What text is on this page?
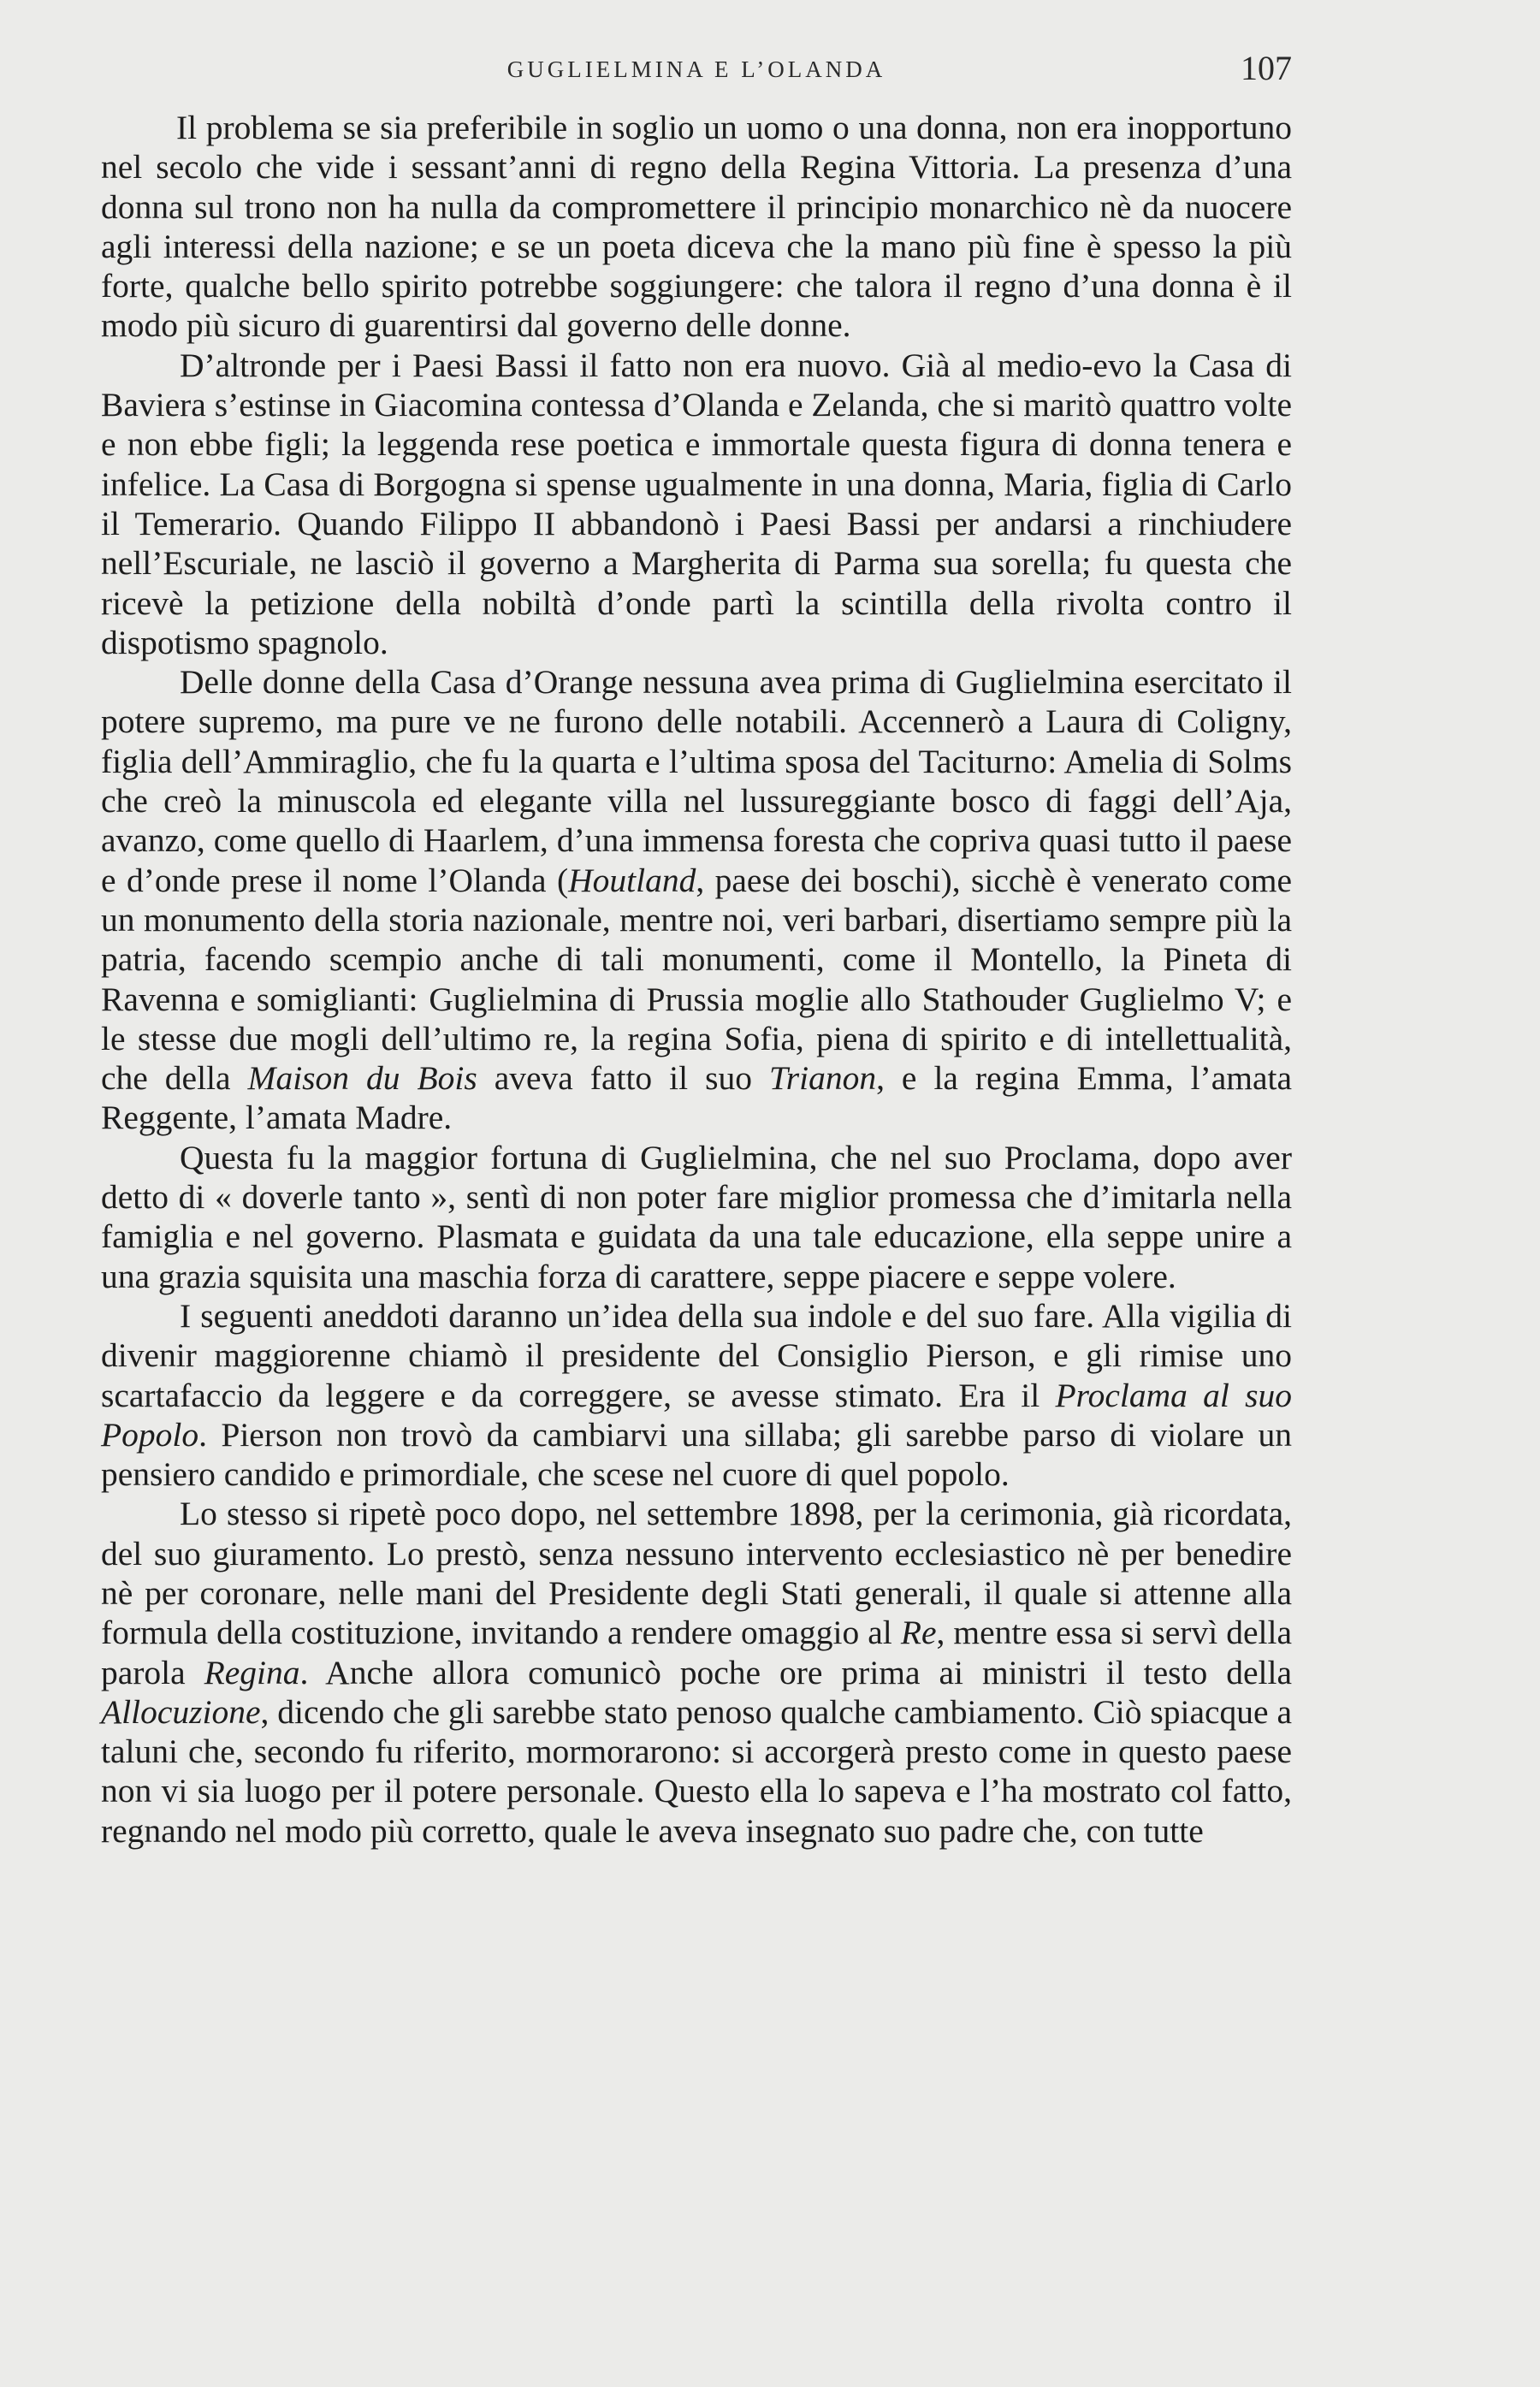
GUGLIELMINA E L’OLANDA	107

Il problema se sia preferibile in soglio un uomo o una donna, non era inopportuno nel secolo che vide i sessant’anni di regno della Regina Vittoria. La presenza d’una donna sul trono non ha nulla da compromettere il principio monarchico nè da nuocere agli interessi della nazione; e se un poeta diceva che la mano più fine è spesso la più forte, qualche bello spirito potrebbe soggiungere: che talora il regno d’una donna è il modo più sicuro di guarentirsi dal governo delle donne.

D’altronde per i Paesi Bassi il fatto non era nuovo. Già al medio-evo la Casa di Baviera s’estinse in Giacomina contessa d’Olanda e Zelanda, che si maritò quattro volte e non ebbe figli; la leggenda rese poetica e immortale questa figura di donna tenera e infelice. La Casa di Borgogna si spense ugualmente in una donna, Maria, figlia di Carlo il Temerario. Quando Filippo II abbandonò i Paesi Bassi per andarsi a rinchiudere nell’Escuriale, ne lasciò il governo a Margherita di Parma sua sorella; fu questa che ricevè la petizione della nobiltà d’onde partì la scintilla della rivolta contro il dispotismo spagnolo.

Delle donne della Casa d’Orange nessuna avea prima di Guglielmina esercitato il potere supremo, ma pure ve ne furono delle notabili. Accennerò a Laura di Coligny, figlia dell’Ammiraglio, che fu la quarta e l’ultima sposa del Taciturno: Amelia di Solms che creò la minuscola ed elegante villa nel lussureggiante bosco di faggi dell’Aja, avanzo, come quello di Haarlem, d’una immensa foresta che copriva quasi tutto il paese e d’onde prese il nome l’Olanda (Houtland, paese dei boschi), sicchè è venerato come un monumento della storia nazionale, mentre noi, veri barbari, disertiamo sempre più la patria, facendo scempio anche di tali monumenti, come il Montello, la Pineta di Ravenna e somiglianti: Guglielmina di Prussia moglie allo Stathouder Guglielmo V; e le stesse due mogli dell’ultimo re, la regina Sofia, piena di spirito e di intellettualità, che della Maison du Bois aveva fatto il suo Trianon, e la regina Emma, l’amata Reggente, l’amata Madre.

Questa fu la maggior fortuna di Guglielmina, che nel suo Proclama, dopo aver detto di « doverle tanto », sentì di non poter fare miglior promessa che d’imitarla nella famiglia e nel governo. Plasmata e guidata da una tale educazione, ella seppe unire a una grazia squisita una maschia forza di carattere, seppe piacere e seppe volere.

I seguenti aneddoti daranno un’idea della sua indole e del suo fare. Alla vigilia di divenir maggiorenne chiamò il presidente del Consiglio Pierson, e gli rimise uno scartafaccio da leggere e da correggere, se avesse stimato. Era il Proclama al suo Popolo. Pierson non trovò da cambiarvi una sillaba; gli sarebbe parso di violare un pensiero candido e primordiale, che scese nel cuore di quel popolo.

Lo stesso si ripetè poco dopo, nel settembre 1898, per la cerimonia, già ricordata, del suo giuramento. Lo prestò, senza nessuno intervento ecclesiastico nè per benedire nè per coronare, nelle mani del Presidente degli Stati generali, il quale si attenne alla formula della costituzione, invitando a rendere omaggio al Re, mentre essa si servì della parola Regina. Anche allora comunicò poche ore prima ai ministri il testo della Allocuzione, dicendo che gli sarebbe stato penoso qualche cambiamento. Ciò spiacque a taluni che, secondo fu riferito, mormorarono: si accorgerà presto come in questo paese non vi sia luogo per il potere personale. Questo ella lo sapeva e l’ha mostrato col fatto, regnando nel modo più corretto, quale le aveva insegnato suo padre che, con tutte
